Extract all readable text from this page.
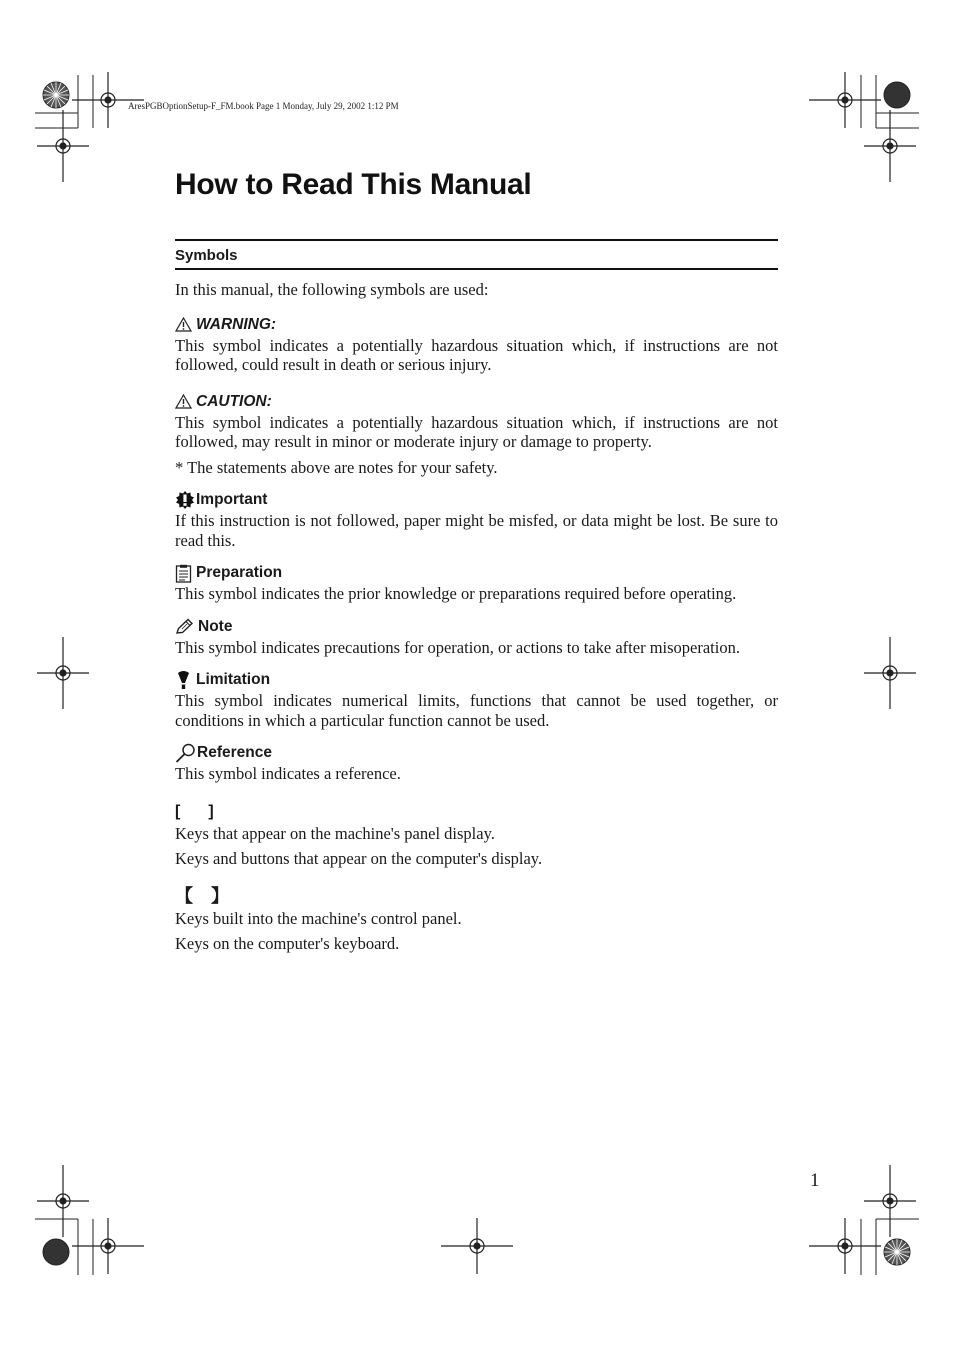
AresPGBOptionSetup-F_FM.book Page 1 Monday, July 29, 2002 1:12 PM
How to Read This Manual
Symbols

In this manual, the following symbols are used:

WARNING:

This symbol indicates a potentially hazardous situation which, if instructions are not followed, could result in death or serious injury.

CAUTION:

This symbol indicates a potentially hazardous situation which, if instructions are not followed, may result in minor or moderate injury or damage to property.

* The statements above are notes for your safety.

Important

If this instruction is not followed, paper might be misfed, or data might be lost. Be sure to read this.

Preparation

This symbol indicates the prior knowledge or preparations required before operating.

Note

This symbol indicates precautions for operation, or actions to take after misoperation.

Limitation

This symbol indicates numerical limits, functions that cannot be used together, or conditions in which a particular function cannot be used.

Reference

This symbol indicates a reference.

[ ]

Keys that appear on the machine's panel display.

Keys and buttons that appear on the computer's display.

【 】

Keys built into the machine's control panel.

Keys on the computer's keyboard.

1
